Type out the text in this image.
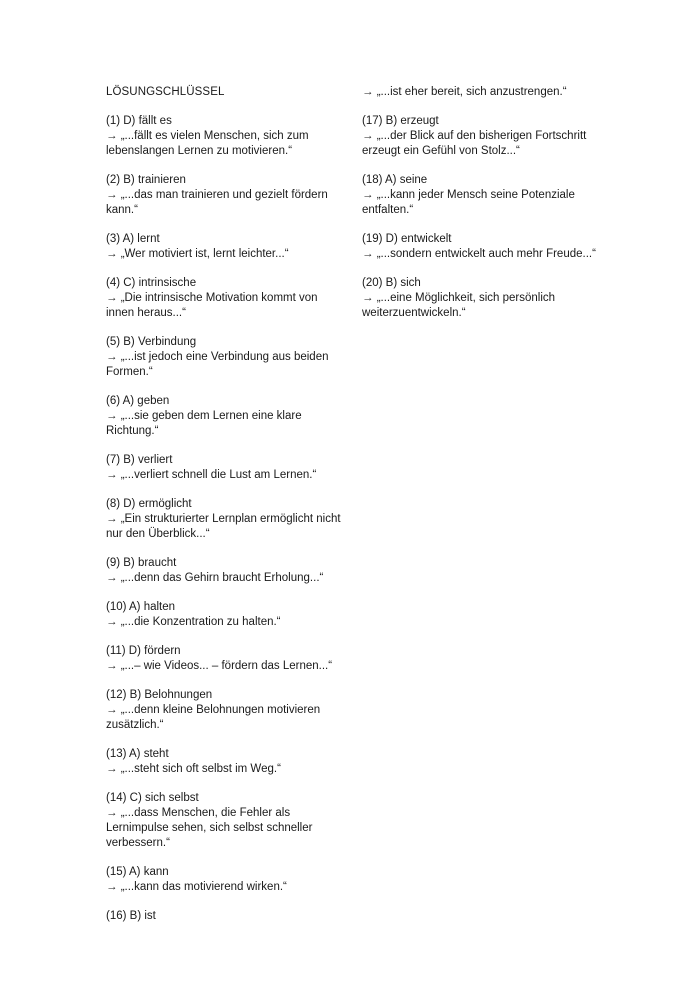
LÖSUNGSCHLÜSSEL
(1) D) fällt es
→ „...fällt es vielen Menschen, sich zum lebenslangen Lernen zu motivieren.“
(2) B) trainieren
→ „...das man trainieren und gezielt fördern kann.“
(3) A) lernt
→ „Wer motiviert ist, lernt leichter...“
(4) C) intrinsische
→ „Die intrinsische Motivation kommt von innen heraus...“
(5) B) Verbindung
→ „...ist jedoch eine Verbindung aus beiden Formen.“
(6) A) geben
→ „...sie geben dem Lernen eine klare Richtung.“
(7) B) verliert
→ „...verliert schnell die Lust am Lernen.“
(8) D) ermöglicht
→ „Ein strukturierter Lernplan ermöglicht nicht nur den Überblick...“
(9) B) braucht
→ „...denn das Gehirn braucht Erholung...“
(10) A) halten
→ „...die Konzentration zu halten.“
(11) D) fördern
→ „...– wie Videos... – fördern das Lernen...“
(12) B) Belohnungen
→ „...denn kleine Belohnungen motivieren zusätzlich.“
(13) A) steht
→ „...steht sich oft selbst im Weg.“
(14) C) sich selbst
→ „...dass Menschen, die Fehler als Lernimpulse sehen, sich selbst schneller verbessern.“
(15) A) kann
→ „...kann das motivierend wirken.“
(16) B) ist
→ „...ist eher bereit, sich anzustrengen.“
(17) B) erzeugt
→ „...der Blick auf den bisherigen Fortschritt erzeugt ein Gefühl von Stolz...“
(18) A) seine
→ „...kann jeder Mensch seine Potenziale entfalten.“
(19) D) entwickelt
→ „...sondern entwickelt auch mehr Freude...“
(20) B) sich
→ „...eine Möglichkeit, sich persönlich weiterzuentwickeln.“
